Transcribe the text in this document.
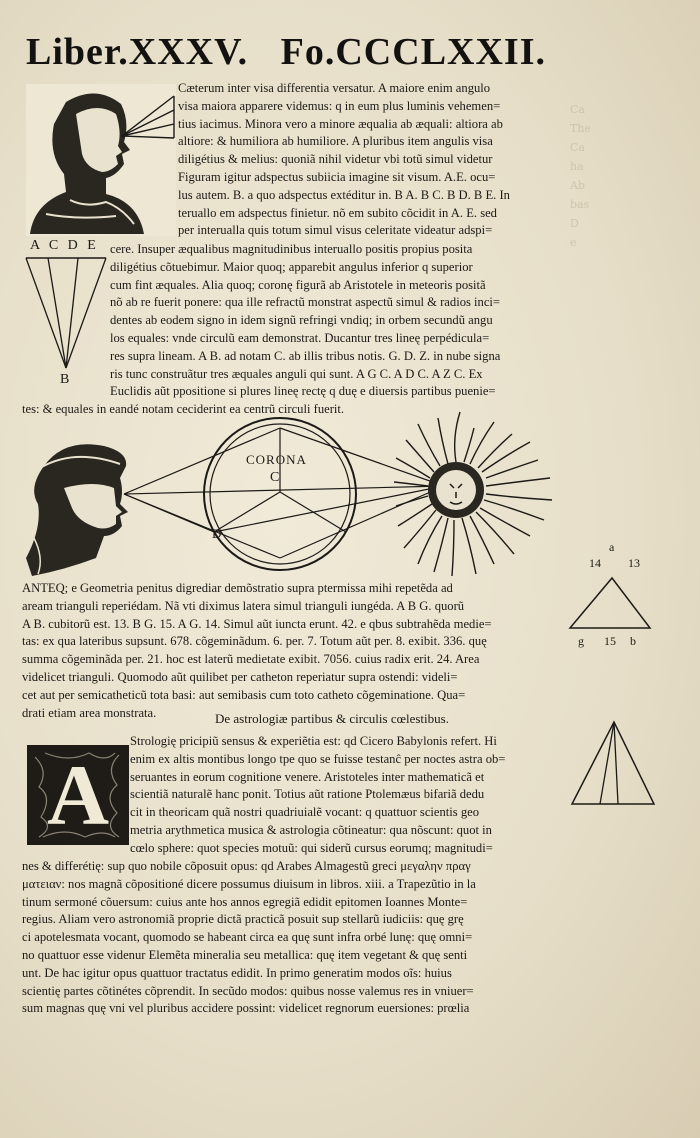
Ca
The
Ca
ha
Ab
bas
D
e
Liber.XXXV. Fo.CCCLXXII.
Cæterum inter visa differentia versatur. A maiore enim angulo
visa maiora apparere videmus: q in eum plus luminis vehemen=
tius iacimus. Minora vero a minore æqualia ab æquali: altiora ab
altiore: & humiliora ab humiliore. A pluribus item angulis visa
diligétius & melius: quoniã nihil videtur vbi totũ simul videtur
Figuram igitur adspectus subiicia imagine sit visum. A.E. ocu=
lus autem. B. a quo adspectus extéditur in. B A. B C. B D. B E. In
teruallo em adspectus finietur. nõ em subito cõcidit in A. E. sed
per interualla quis totum simul visus celeritate videatur adspi=
A C D E
B
cere. Insuper æqualibus magnitudinibus interuallo positis propius posita
diligétius cõtuebimur. Maior quoq; apparebit angulus inferior q superior
cum fint æquales. Alia quoq; coronę figurã ab Aristotele in meteoris positã
nõ ab re fuerit ponere: qua ille refractũ monstrat aspectũ simul & radios inci=
dentes ab eodem signo in idem signũ refringi vndiq; in orbem secundũ angu
los equales: vnde circulũ eam demonstrat. Ducantur tres lineę perpédicula=
res supra lineam. A B. ad notam C. ab illis tribus notis. G. D. Z. in nube signa
ris tunc construãtur tres æquales anguli qui sunt. A G C. A D C. A Z C. Ex
Euclidis aũt ppositione si plures lineę rectę q duę e diuersis partibus puenie=
tes: & equales in eandé notam ceciderint ea centrũ circuli fuerit.
CORONA
C
D
a
14 13
g 15 b
ANTEQ; e Geometria penitus digrediar demõstratio supra ptermissa mihi repetẽda ad
aream trianguli reperiédam. Nã vti diximus latera simul trianguli iungéda. A B G. quorũ
A B. cubitorũ est. 13. B G. 15. A G. 14. Simul aũt iuncta erunt. 42. e qbus subtrahẽda medie=
tas: ex qua lateribus supsunt. 678. cõgeminãdum. 6. per. 7. Totum aũt per. 8. exibit. 336. quę
summa cõgeminãda per. 21. hoc est laterũ medietate exibit. 7056. cuius radix erit. 24. Area
videlicet trianguli. Quomodo aũt quilibet per catheton reperiatur supra ostendi: videli=
cet aut per semicatheticũ tota basi: aut semibasis cum toto catheto cõgeminatione. Qua=
drati etiam area monstrata.	De astrologiæ partibus & circulis cœlestibus.
A
Strologię pricipiũ sensus & experiẽtia est: qd Cicero Babylonis refert. Hi
enim ex altis montibus longo tpe quo se fuisse testanĉ per noctes astra ob=
seruantes in eorum cognitione venere. Aristoteles inter mathematicã et
scientiã naturalẽ hanc ponit. Totius aũt ratione Ptolemæus bifariã dedu
cit in theoricam quã nostri quadriuialẽ vocant: q quattuor scientis geo
metria arythmetica musica & astrologia cõtineatur: qua nõscunt: quot in
cœlo sphere: quot species motuũ: qui siderũ cursus eorumq; magnitudi=
nes & differétię: sup quo nobile cõposuit opus: qd Arabes Almagestũ greci μεγαλην πραγ
ματειαν: nos magnã cõpositioné dicere possumus diuisum in libros. xiii. a Trapezũtio in la
tinum sermoné cõuersum: cuius ante hos annos egregiã edidit epitomen Ioannes Monte=
regius. Aliam vero astronomiã proprie dictã practicã posuit sup stellarũ iudiciis: quę grę
ci apotelesmata vocant, quomodo se habeant circa ea quę sunt infra orbé lunę: quę omni=
no quattuor esse videnur Elemẽta mineralia seu metallica: quę item vegetant & quę senti
unt. De hac igitur opus quattuor tractatus edidit. In primo generatim modos oĩs: huius
scientię partes cõtinétes cõprendit. In secũdo modos: quibus nosse valemus res in vniuer=
sum magnas quę vni vel pluribus accidere possint: videlicet regnorum euersiones: prœlia
